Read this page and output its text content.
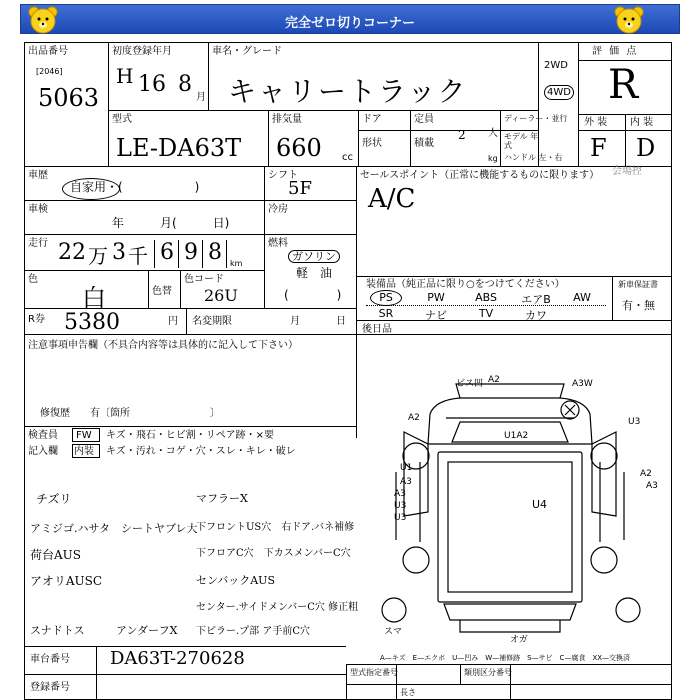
完全ゼロ切りコーナー
出品番号
[2046]
5063
初度登録年月
H 16 8
月
車名・グレード
キャリートラック
2WD
4WD
評 価 点
R
外 装 内 装
F D
型式
LE-DA63T
排気量
660 cc
ドア
形状
定員
2 人
積載
kg
ディーラー・並行
モデル 年式
ハンドル 左・右
車歴
自家用・(　　　　　　)
シフト
5F
セールスポイント（正常に機能するものに限ります）
A/C
車検
年　　　月(　　　日)
冷房
走行 22 万 3 千 6 9 8 km
燃料
ガソリン
軽　油
(　　　　)
色
白	色替
色コード
26U
装備品（純正品に限り○をつけてください）	新車保証書
有・無
PS	PW	ABS	エアB	AW
SR	ナビ	TV	カワ
R券 5380	円 名変期限	月	日
後日品
注意事項申告欄（不具合内容等は具体的に記入して下さい）
修復歴　　有〔箇所　　　　　　　　〕
検査員
記入欄
FW キズ・飛石・ヒビ割・リペア跡・×要
内装 キズ・汚れ・コゲ・穴・スレ・キレ・破レ
チズリ
アミジゴ.ハサタ　シートヤブレ大
荷台AUS
アオリAUSC
スナドトス
マフラーX
下フロントUS穴　右ドア.バネ補修
下フロアC穴　下カスメンバーC穴
センバックAUS
センター.サイドメンバーC穴 修正粗
アンダーフX 下ピラー.プ部 ア手前C穴
車台番号 DA63T-270628
登録番号
型式指定番号	類別区分番号
長さ
A—キズ　E—エクボ　U—凹み　W—補修跡　S—サビ　C—腐食　XX—交換済
ビス凹 A2	A3W
A2	U3
U1A2
U1
A3
U3
A2
A3
A3
U3
U4
スマ
オガ
会場控
